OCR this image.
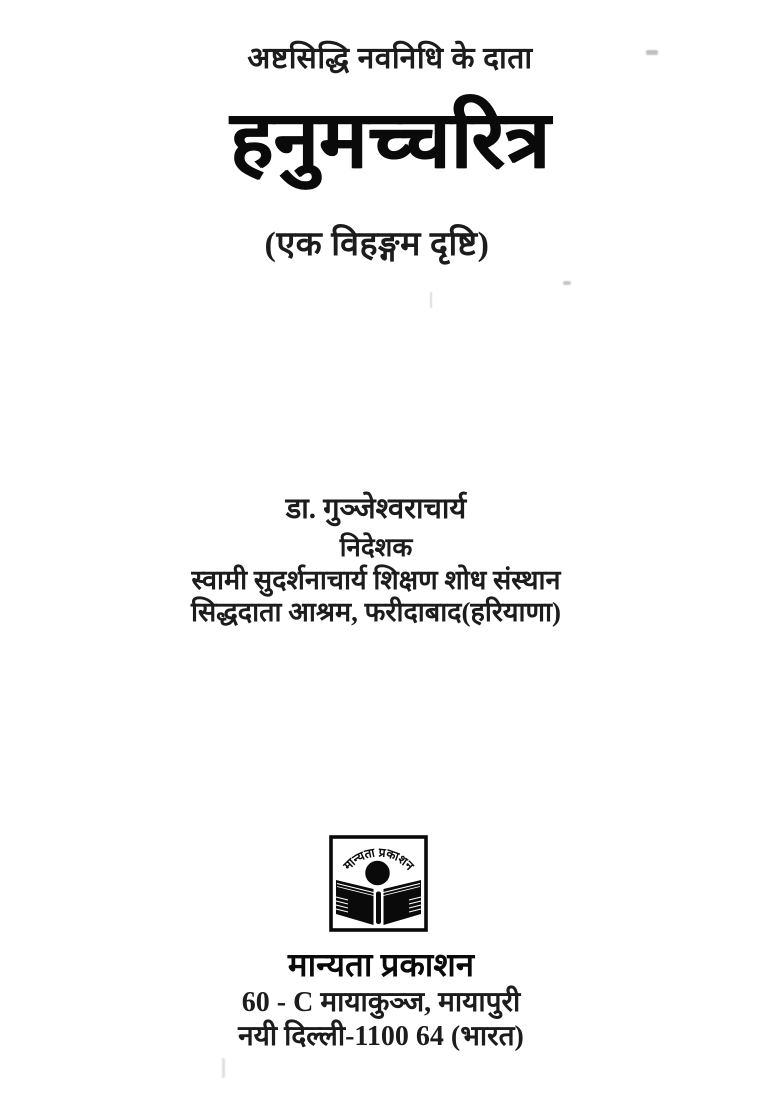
अष्टसिद्धि नवनिधि के दाता
हनुमच्चरित्र
(एक विहङ्गम दृष्टि)
डा. गुञ्जेश्वराचार्य
निदेशक
स्वामी सुदर्शनाचार्य शिक्षण शोध संस्थान
सिद्धदाता आश्रम, फरीदाबाद(हरियाणा)
मान्यता प्रकाशन
मान्यता प्रकाशन
60 - C मायाकुञ्ज, मायापुरी
नयी दिल्ली-1100 64 (भारत)
